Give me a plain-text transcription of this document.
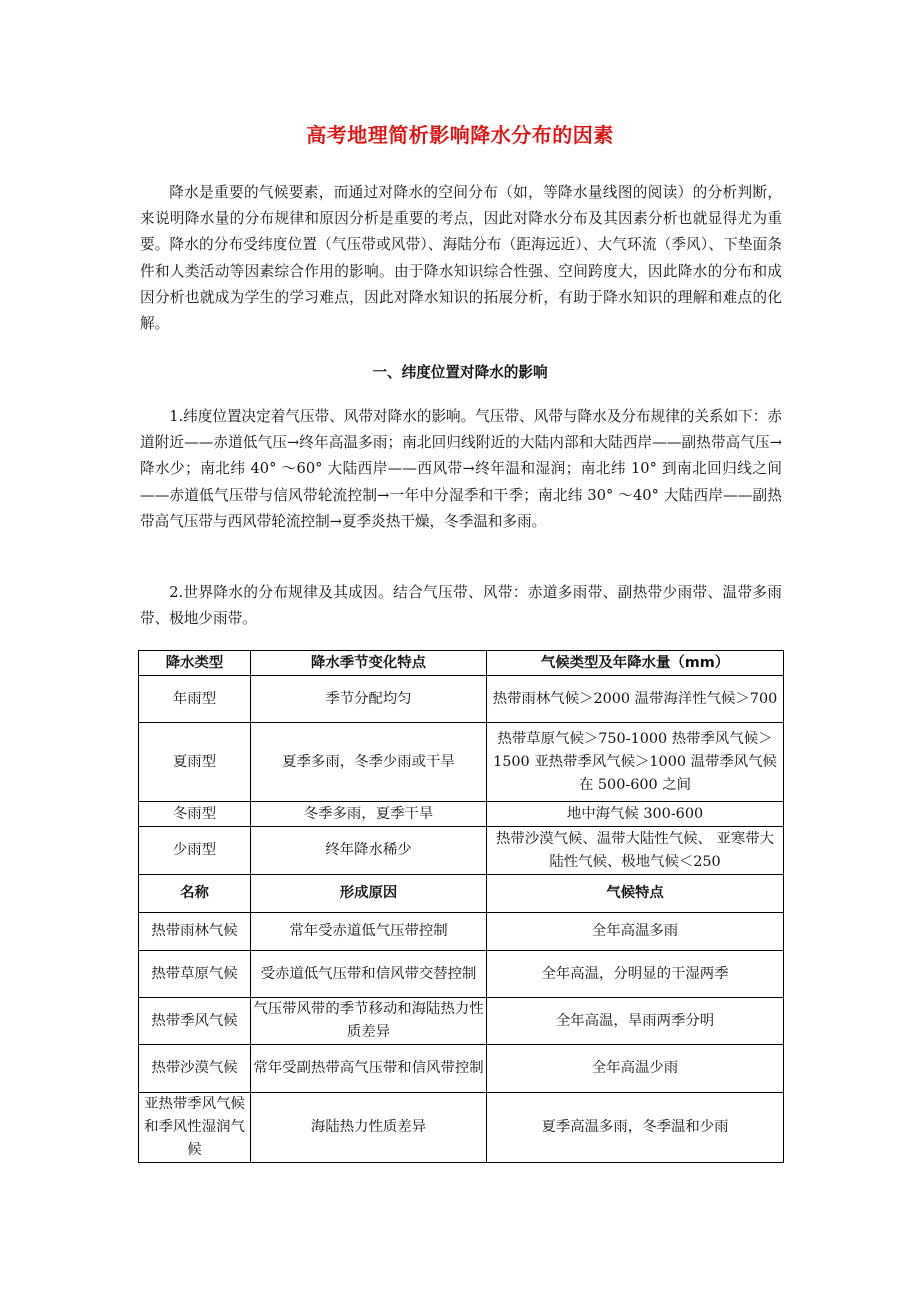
高考地理简析影响降水分布的因素

降水是重要的气候要素，而通过对降水的空间分布（如，等降水量线图的阅读）的分析判断，来说明降水量的分布规律和原因分析是重要的考点，因此对降水分布及其因素分析也就显得尤为重要。降水的分布受纬度位置（气压带或风带）、海陆分布（距海远近）、大气环流（季风）、下垫面条件和人类活动等因素综合作用的影响。由于降水知识综合性强、空间跨度大，因此降水的分布和成因分析也就成为学生的学习难点，因此对降水知识的拓展分析，有助于降水知识的理解和难点的化解。

一、纬度位置对降水的影响

1.纬度位置决定着气压带、风带对降水的影响。气压带、风带与降水及分布规律的关系如下：赤道附近——赤道低气压→终年高温多雨；南北回归线附近的大陆内部和大陆西岸——副热带高气压→降水少；南北纬 40° ～60° 大陆西岸——西风带→终年温和湿润；南北纬 10° 到南北回归线之间——赤道低气压带与信风带轮流控制→一年中分湿季和干季；南北纬 30° ～40° 大陆西岸——副热带高气压带与西风带轮流控制→夏季炎热干燥，冬季温和多雨。

2.世界降水的分布规律及其成因。结合气压带、风带：赤道多雨带、副热带少雨带、温带多雨带、极地少雨带。

降水类型	降水季节变化特点	气候类型及年降水量（mm）
年雨型	季节分配均匀	热带雨林气候＞2000 温带海洋性气候＞700
夏雨型	夏季多雨，冬季少雨或干旱	热带草原气候＞750-1000 热带季风气候＞1500 亚热带季风气候＞1000 温带季风气候在 500-600 之间
冬雨型	冬季多雨，夏季干旱	地中海气候 300-600
少雨型	终年降水稀少	热带沙漠气候、温带大陆性气候、 亚寒带大陆性气候、极地气候＜250
名称	形成原因	气候特点
热带雨林气候	常年受赤道低气压带控制	全年高温多雨
热带草原气候	受赤道低气压带和信风带交替控制	全年高温，分明显的干湿两季
热带季风气候	气压带风带的季节移动和海陆热力性质差异	全年高温，旱雨两季分明
热带沙漠气候	常年受副热带高气压带和信风带控制	全年高温少雨
亚热带季风气候和季风性湿润气候	海陆热力性质差异	夏季高温多雨，冬季温和少雨
